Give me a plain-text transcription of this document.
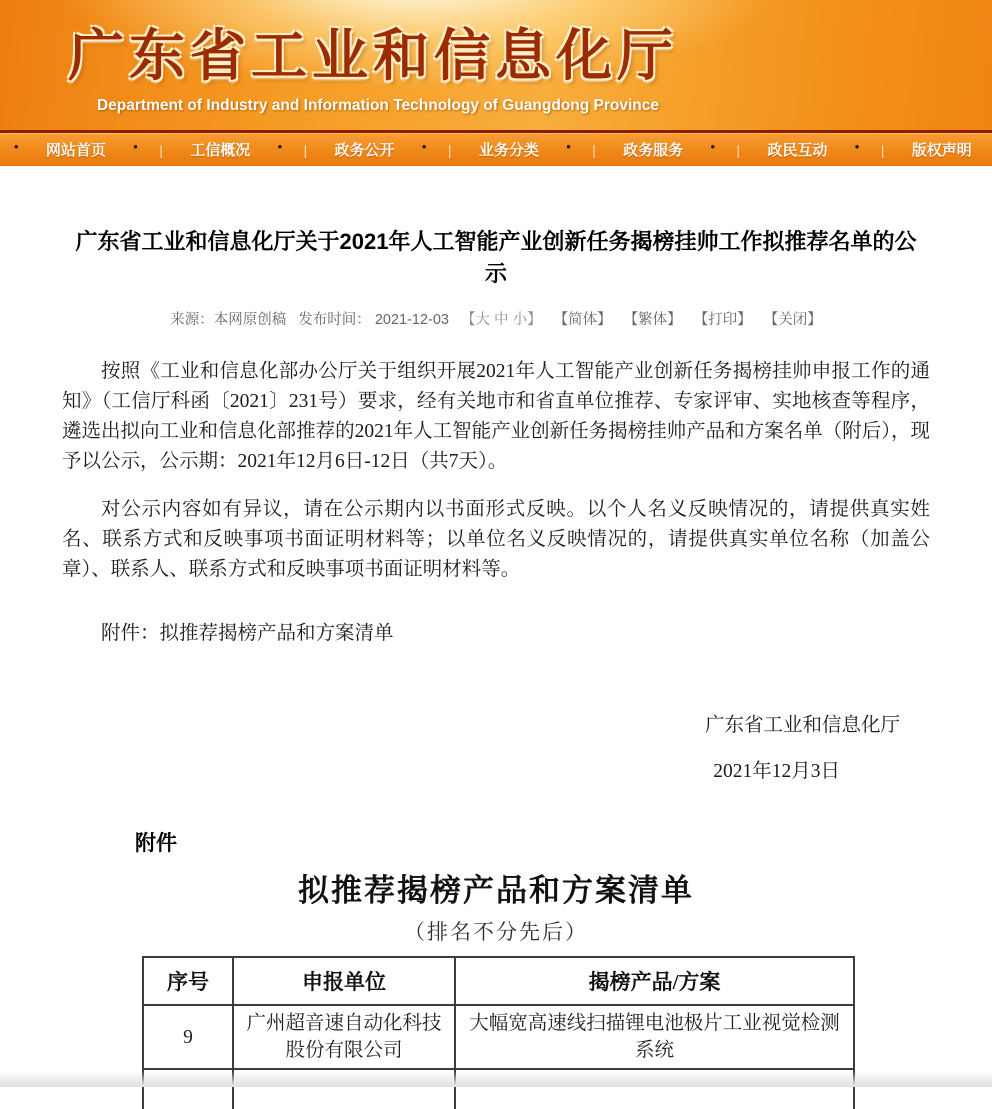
广东省工业和信息化厅
Department of Industry and Information Technology of Guangdong Province
•	网站首页	• |	工信概况	• |	政务公开	• |	业务分类	• |	政务服务	• |	政民互动	• |	版权声明
广东省工业和信息化厅关于2021年人工智能产业创新任务揭榜挂帅工作拟推荐名单的公示
来源：本网原创稿 发布时间： 2021-12-03 【大 中 小】 【简体】 【繁体】 【打印】 【关闭】

按照《工业和信息化部办公厅关于组织开展2021年人工智能产业创新任务揭榜挂帅申报工作的通知》（工信厅科函〔2021〕231号）要求，经有关地市和省直单位推荐、专家评审、实地核查等程序，遴选出拟向工业和信息化部推荐的2021年人工智能产业创新任务揭榜挂帅产品和方案名单（附后），现予以公示，公示期：2021年12月6日-12日（共7天）。

对公示内容如有异议，请在公示期内以书面形式反映。以个人名义反映情况的，请提供真实姓名、联系方式和反映事项书面证明材料等；以单位名义反映情况的，请提供真实单位名称（加盖公章）、联系人、联系方式和反映事项书面证明材料等。

附件：拟推荐揭榜产品和方案清单
广东省工业和信息化厅
2021年12月3日
附件
拟推荐揭榜产品和方案清单
（排名不分先后）
序号	申报单位	揭榜产品/方案
9	广州超音速自动化科技股份有限公司	大幅宽高速线扫描锂电池极片工业视觉检测系统
